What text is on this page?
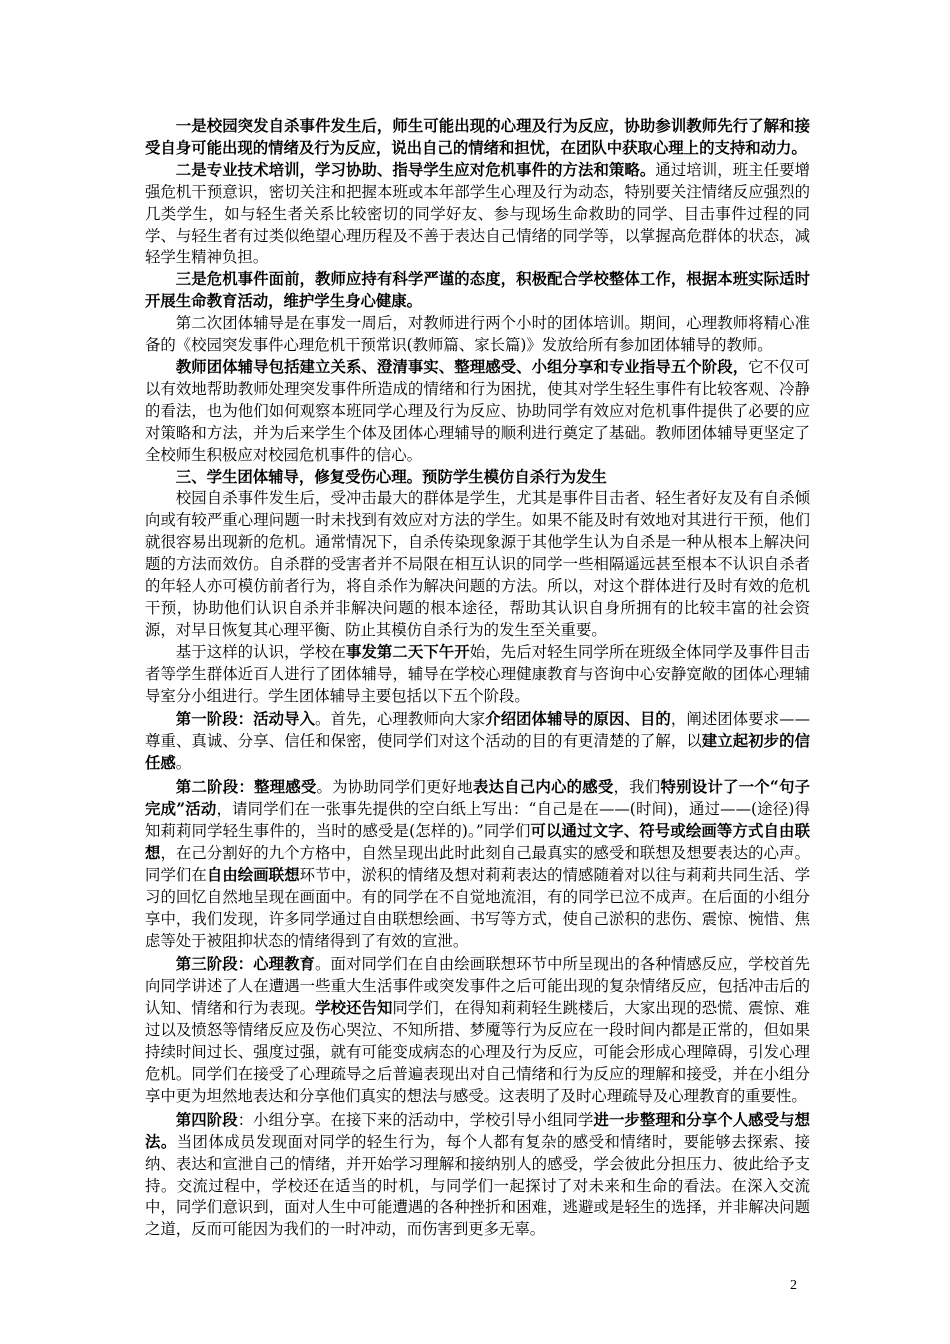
一是校园突发自杀事件发生后，师生可能出现的心理及行为反应，协助参训教师先行了解和接受自身可能出现的情绪及行为反应，说出自己的情绪和担忧，在团队中获取心理上的支持和动力。

二是专业技术培训，学习协助、指导学生应对危机事件的方法和策略。通过培训，班主任要增强危机干预意识，密切关注和把握本班或本年部学生心理及行为动态，特别要关注情绪反应强烈的几类学生，如与轻生者关系比较密切的同学好友、参与现场生命救助的同学、目击事件过程的同学、与轻生者有过类似绝望心理历程及不善于表达自己情绪的同学等，以掌握高危群体的状态，减轻学生精神负担。

三是危机事件面前，教师应持有科学严谨的态度，积极配合学校整体工作，根据本班实际适时开展生命教育活动，维护学生身心健康。

第二次团体辅导是在事发一周后，对教师进行两个小时的团体培训。期间，心理教师将精心准备的《校园突发事件心理危机干预常识(教师篇、家长篇)》发放给所有参加团体辅导的教师。

教师团体辅导包括建立关系、澄清事实、整理感受、小组分享和专业指导五个阶段，它不仅可以有效地帮助教师处理突发事件所造成的情绪和行为困扰，使其对学生轻生事件有比较客观、冷静的看法，也为他们如何观察本班同学心理及行为反应、协助同学有效应对危机事件提供了必要的应对策略和方法，并为后来学生个体及团体心理辅导的顺利进行奠定了基础。教师团体辅导更坚定了全校师生积极应对校园危机事件的信心。

三、学生团体辅导，修复受伤心理。预防学生模仿自杀行为发生

校园自杀事件发生后，受冲击最大的群体是学生，尤其是事件目击者、轻生者好友及有自杀倾向或有较严重心理问题一时未找到有效应对方法的学生。如果不能及时有效地对其进行干预，他们就很容易出现新的危机。通常情况下，自杀传染现象源于其他学生认为自杀是一种从根本上解决问题的方法而效仿。自杀群的受害者并不局限在相互认识的同学一些相隔遥远甚至根本不认识自杀者的年轻人亦可模仿前者行为，将自杀作为解决问题的方法。所以，对这个群体进行及时有效的危机干预，协助他们认识自杀并非解决问题的根本途径，帮助其认识自身所拥有的比较丰富的社会资源，对早日恢复其心理平衡、防止其模仿自杀行为的发生至关重要。

基于这样的认识，学校在事发第二天下午开始，先后对轻生同学所在班级全体同学及事件目击者等学生群体近百人进行了团体辅导，辅导在学校心理健康教育与咨询中心安静宽敞的团体心理辅导室分小组进行。学生团体辅导主要包括以下五个阶段。

第一阶段：活动导入。首先，心理教师向大家介绍团体辅导的原因、目的，阐述团体要求——尊重、真诚、分享、信任和保密，使同学们对这个活动的目的有更清楚的了解，以建立起初步的信任感。

第二阶段：整理感受。为协助同学们更好地表达自己内心的感受，我们特别设计了一个“句子完成”活动，请同学们在一张事先提供的空白纸上写出：“自己是在——(时间)，通过——(途径)得知莉莉同学轻生事件的，当时的感受是(怎样的)。”同学们可以通过文字、符号或绘画等方式自由联想，在己分割好的九个方格中，自然呈现出此时此刻自己最真实的感受和联想及想要表达的心声。同学们在自由绘画联想环节中，淤积的情绪及想对莉莉表达的情感随着对以往与莉莉共同生活、学习的回忆自然地呈现在画面中。有的同学在不自觉地流泪，有的同学已泣不成声。在后面的小组分享中，我们发现，许多同学通过自由联想绘画、书写等方式，使自己淤积的悲伤、震惊、惋惜、焦虑等处于被阻抑状态的情绪得到了有效的宣泄。

第三阶段：心理教育。面对同学们在自由绘画联想环节中所呈现出的各种情感反应，学校首先向同学讲述了人在遭遇一些重大生活事件或突发事件之后可能出现的复杂情绪反应，包括冲击后的认知、情绪和行为表现。学校还告知同学们，在得知莉莉轻生跳楼后，大家出现的恐慌、震惊、难过以及愤怒等情绪反应及伤心哭泣、不知所措、梦魇等行为反应在一段时间内都是正常的，但如果持续时间过长、强度过强，就有可能变成病态的心理及行为反应，可能会形成心理障碍，引发心理危机。同学们在接受了心理疏导之后普遍表现出对自己情绪和行为反应的理解和接受，并在小组分享中更为坦然地表达和分享他们真实的想法与感受。这表明了及时心理疏导及心理教育的重要性。

第四阶段：小组分享。在接下来的活动中，学校引导小组同学进一步整理和分享个人感受与想法。当团体成员发现面对同学的轻生行为，每个人都有复杂的感受和情绪时，要能够去探索、接纳、表达和宣泄自己的情绪，并开始学习理解和接纳别人的感受，学会彼此分担压力、彼此给予支持。交流过程中，学校还在适当的时机，与同学们一起探讨了对未来和生命的看法。在深入交流中，同学们意识到，面对人生中可能遭遇的各种挫折和困难，逃避或是轻生的选择，并非解决问题之道，反而可能因为我们的一时冲动，而伤害到更多无辜。

2
